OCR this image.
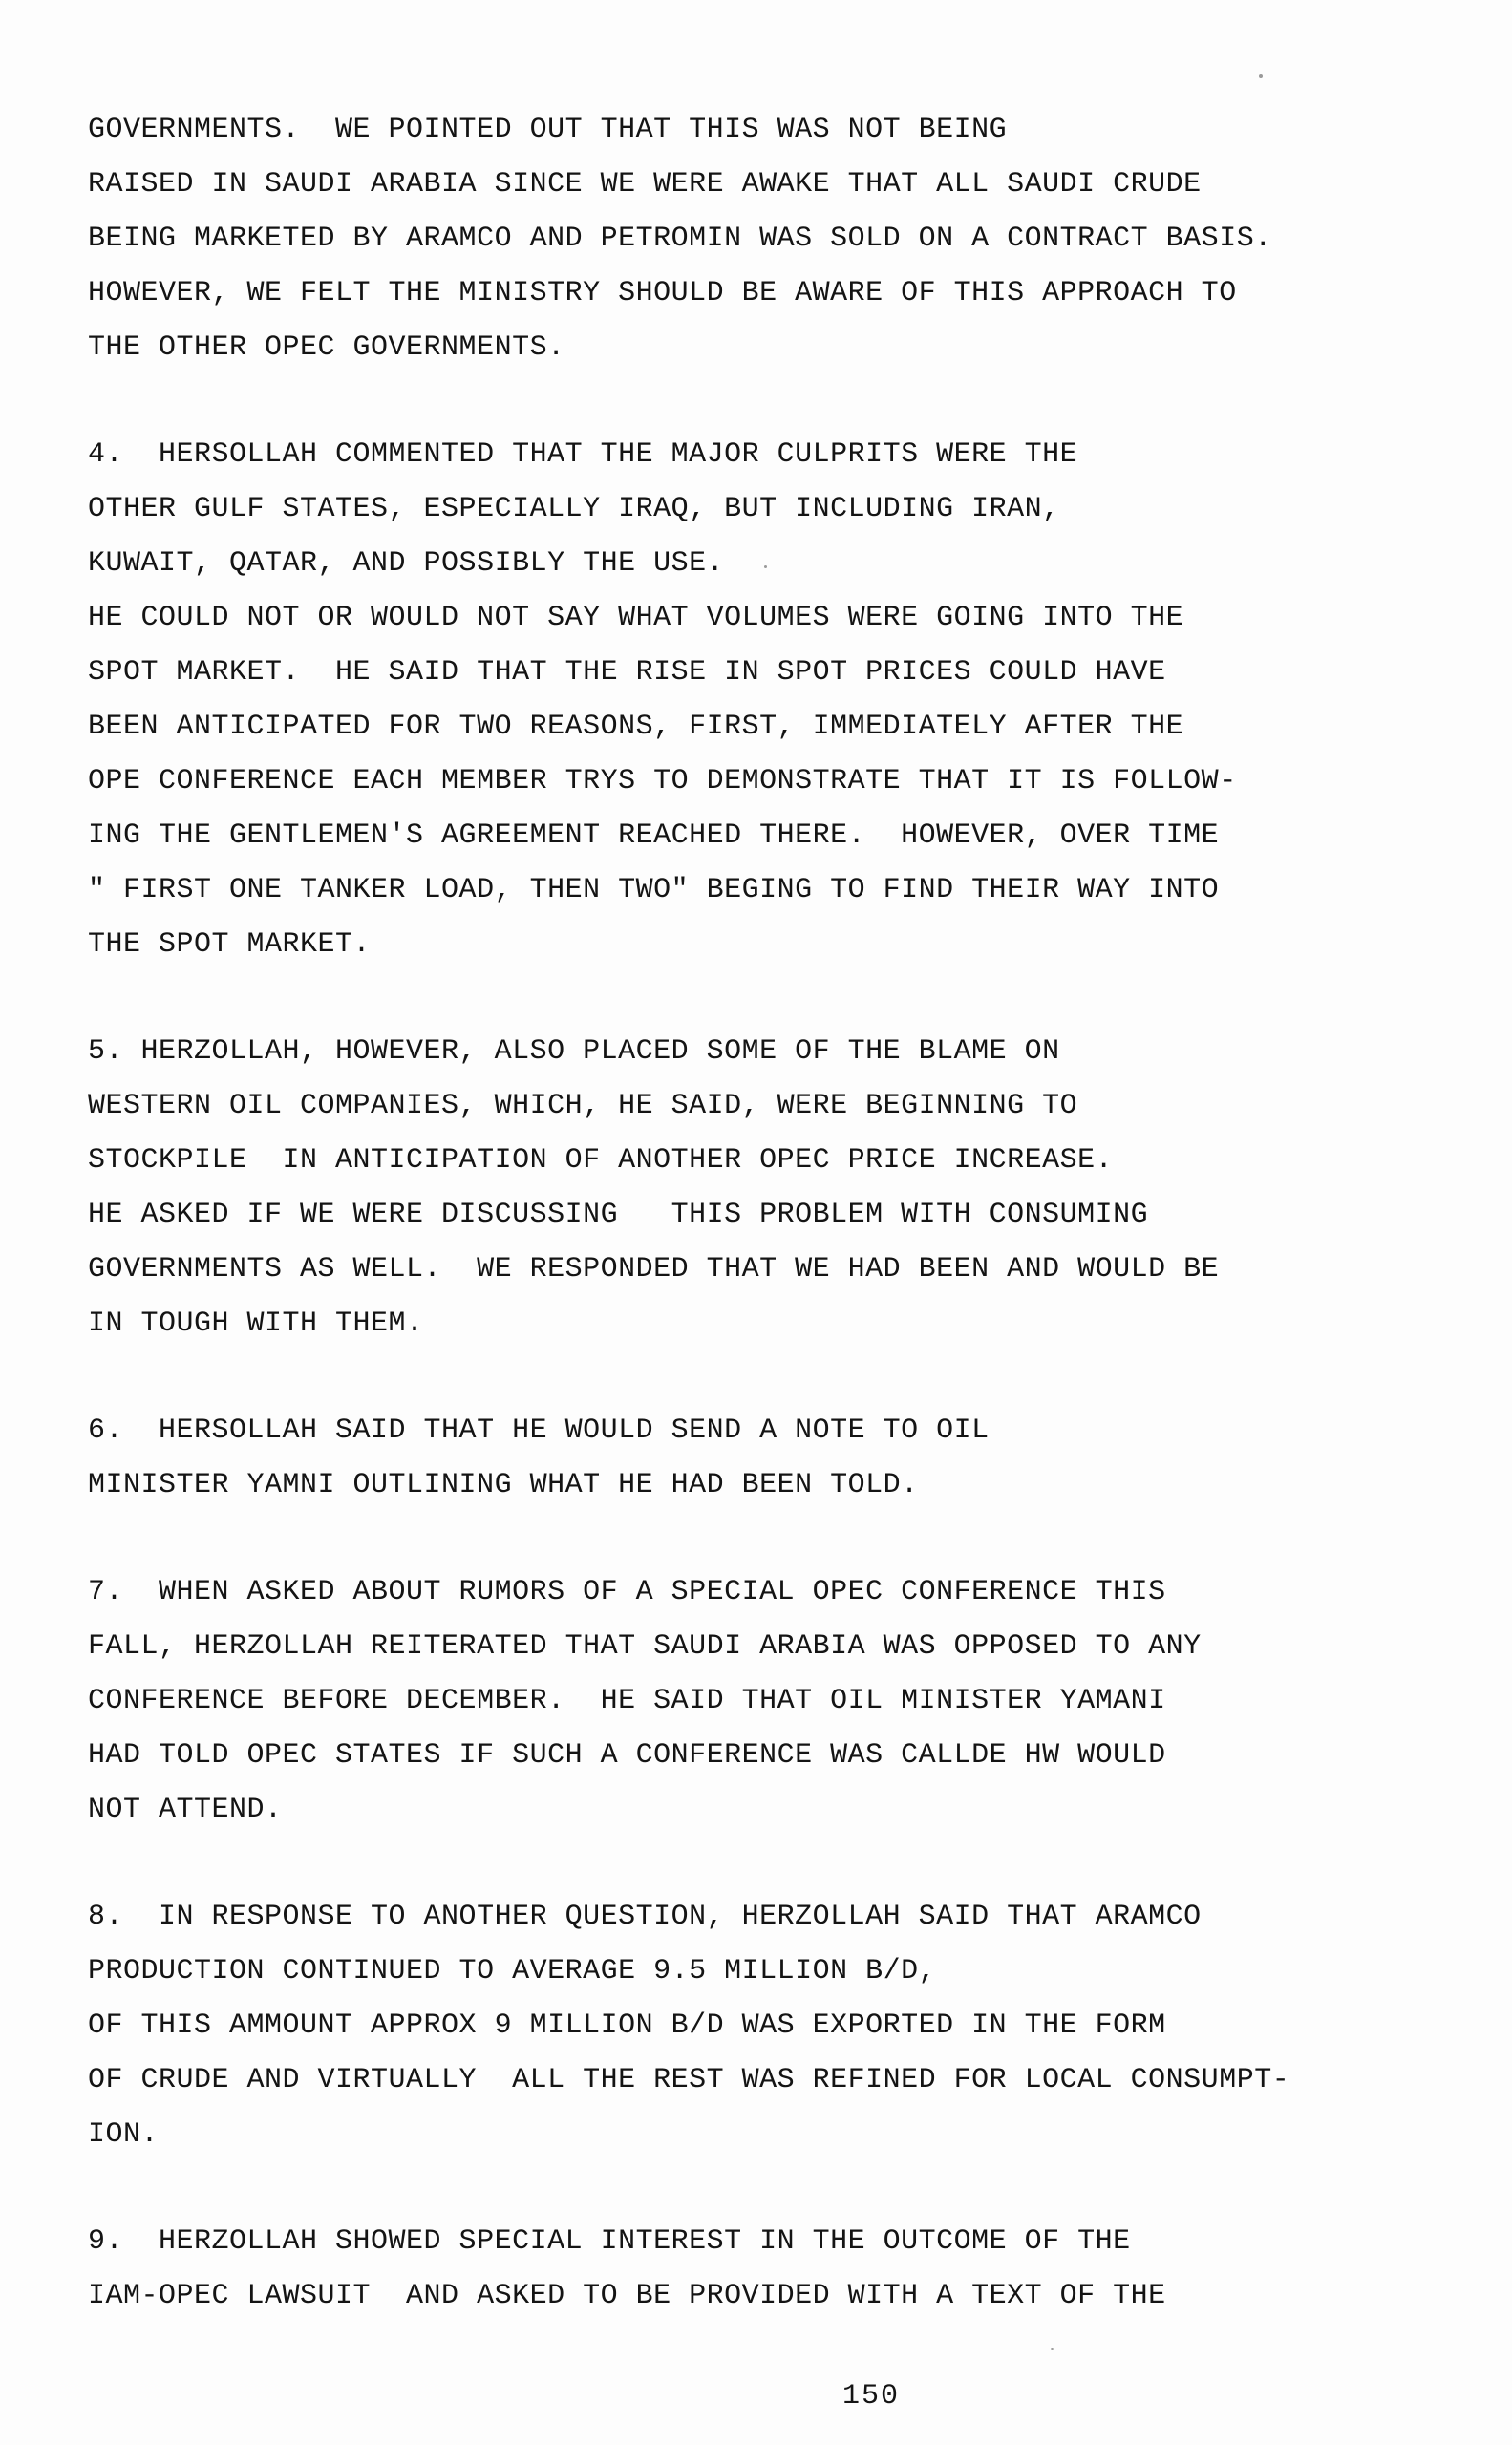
GOVERNMENTS.  WE POINTED OUT THAT THIS WAS NOT BEING
RAISED IN SAUDI ARABIA SINCE WE WERE AWAKE THAT ALL SAUDI CRUDE
BEING MARKETED BY ARAMCO AND PETROMIN WAS SOLD ON A CONTRACT BASIS.
HOWEVER, WE FELT THE MINISTRY SHOULD BE AWARE OF THIS APPROACH TO
THE OTHER OPEC GOVERNMENTS.
4.  HERSOLLAH COMMENTED THAT THE MAJOR CULPRITS WERE THE
OTHER GULF STATES, ESPECIALLY IRAQ, BUT INCLUDING IRAN,
KUWAIT, QATAR, AND POSSIBLY THE USE.
HE COULD NOT OR WOULD NOT SAY WHAT VOLUMES WERE GOING INTO THE
SPOT MARKET.  HE SAID THAT THE RISE IN SPOT PRICES COULD HAVE
BEEN ANTICIPATED FOR TWO REASONS, FIRST, IMMEDIATELY AFTER THE
OPE CONFERENCE EACH MEMBER TRYS TO DEMONSTRATE THAT IT IS FOLLOW-
ING THE GENTLEMEN'S AGREEMENT REACHED THERE.  HOWEVER, OVER TIME
" FIRST ONE TANKER LOAD, THEN TWO" BEGING TO FIND THEIR WAY INTO
THE SPOT MARKET.
5. HERZOLLAH, HOWEVER, ALSO PLACED SOME OF THE BLAME ON
WESTERN OIL COMPANIES, WHICH, HE SAID, WERE BEGINNING TO
STOCKPILE  IN ANTICIPATION OF ANOTHER OPEC PRICE INCREASE.
HE ASKED IF WE WERE DISCUSSING   THIS PROBLEM WITH CONSUMING
GOVERNMENTS AS WELL.  WE RESPONDED THAT WE HAD BEEN AND WOULD BE
IN TOUGH WITH THEM.
6.  HERSOLLAH SAID THAT HE WOULD SEND A NOTE TO OIL
MINISTER YAMNI OUTLINING WHAT HE HAD BEEN TOLD.
7.  WHEN ASKED ABOUT RUMORS OF A SPECIAL OPEC CONFERENCE THIS
FALL, HERZOLLAH REITERATED THAT SAUDI ARABIA WAS OPPOSED TO ANY
CONFERENCE BEFORE DECEMBER.  HE SAID THAT OIL MINISTER YAMANI
HAD TOLD OPEC STATES IF SUCH A CONFERENCE WAS CALLDE HW WOULD
NOT ATTEND.
8.  IN RESPONSE TO ANOTHER QUESTION, HERZOLLAH SAID THAT ARAMCO
PRODUCTION CONTINUED TO AVERAGE 9.5 MILLION B/D,
OF THIS AMMOUNT APPROX 9 MILLION B/D WAS EXPORTED IN THE FORM
OF CRUDE AND VIRTUALLY  ALL THE REST WAS REFINED FOR LOCAL CONSUMPT-
ION.
9.  HERZOLLAH SHOWED SPECIAL INTEREST IN THE OUTCOME OF THE
IAM-OPEC LAWSUIT  AND ASKED TO BE PROVIDED WITH A TEXT OF THE
150
